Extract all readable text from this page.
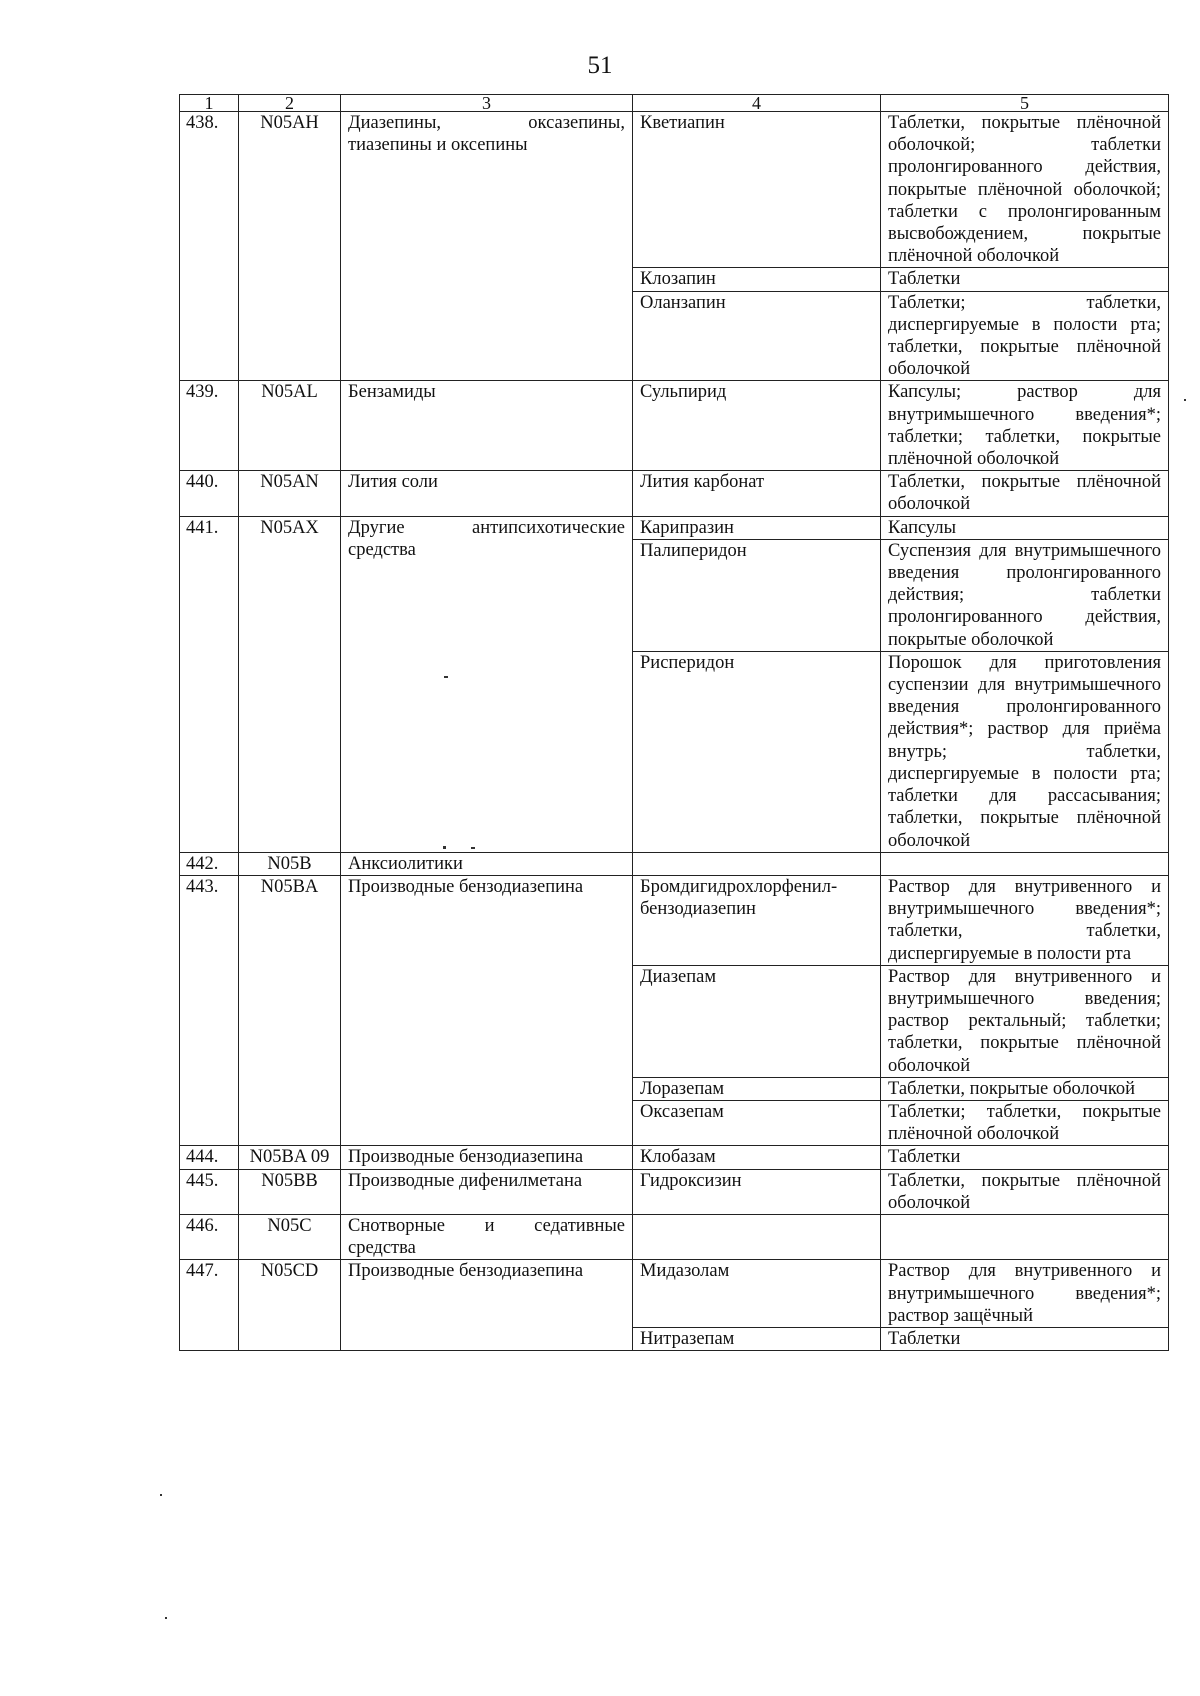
51
1	2	3	4	5
438.	N05AH	Диазепины, оксазепины, тиазепины и оксепины	Кветиапин	Таблетки, покрытые плёночной оболочкой; таблетки пролонгированного действия, покрытые плёночной оболочкой; таблетки с пролонгированным высвобождением, покрытые плёночной оболочкой
			Клозапин	Таблетки
			Оланзапин	Таблетки; таблетки, диспергируемые в полости рта; таблетки, покрытые плёночной оболочкой
439.	N05AL	Бензамиды	Сульпирид	Капсулы; раствор для внутримышечного введения*; таблетки; таблетки, покрытые плёночной оболочкой
440.	N05AN	Лития соли	Лития карбонат	Таблетки, покрытые плёночной оболочкой
441.	N05AX	Другие антипсихотические средства	Карипразин	Капсулы
			Палиперидон	Суспензия для внутримышечного введения пролонгированного действия; таблетки пролонгированного действия, покрытые оболочкой
			Рисперидон	Порошок для приготовления суспензии для внутримышечного введения пролонгированного действия*; раствор для приёма внутрь; таблетки, диспергируемые в полости рта; таблетки для рассасывания; таблетки, покрытые плёночной оболочкой
442.	N05B	Анксиолитики		
443.	N05BA	Производные бензодиазепина	Бромдигидрохлорфенил-бензодиазепин	Раствор для внутривенного и внутримышечного введения*; таблетки, таблетки, диспергируемые в полости рта
			Диазепам	Раствор для внутривенного и внутримышечного введения; раствор ректальный; таблетки; таблетки, покрытые плёночной оболочкой
			Лоразепам	Таблетки, покрытые оболочкой
			Оксазепам	Таблетки; таблетки, покрытые плёночной оболочкой
444.	N05BA 09	Производные бензодиазепина	Клобазам	Таблетки
445.	N05BB	Производные дифенилметана	Гидроксизин	Таблетки, покрытые плёночной оболочкой
446.	N05C	Снотворные и седативные средства		
447.	N05CD	Производные бензодиазепина	Мидазолам	Раствор для внутривенного и внутримышечного введения*; раствор защёчный
			Нитразепам	Таблетки
